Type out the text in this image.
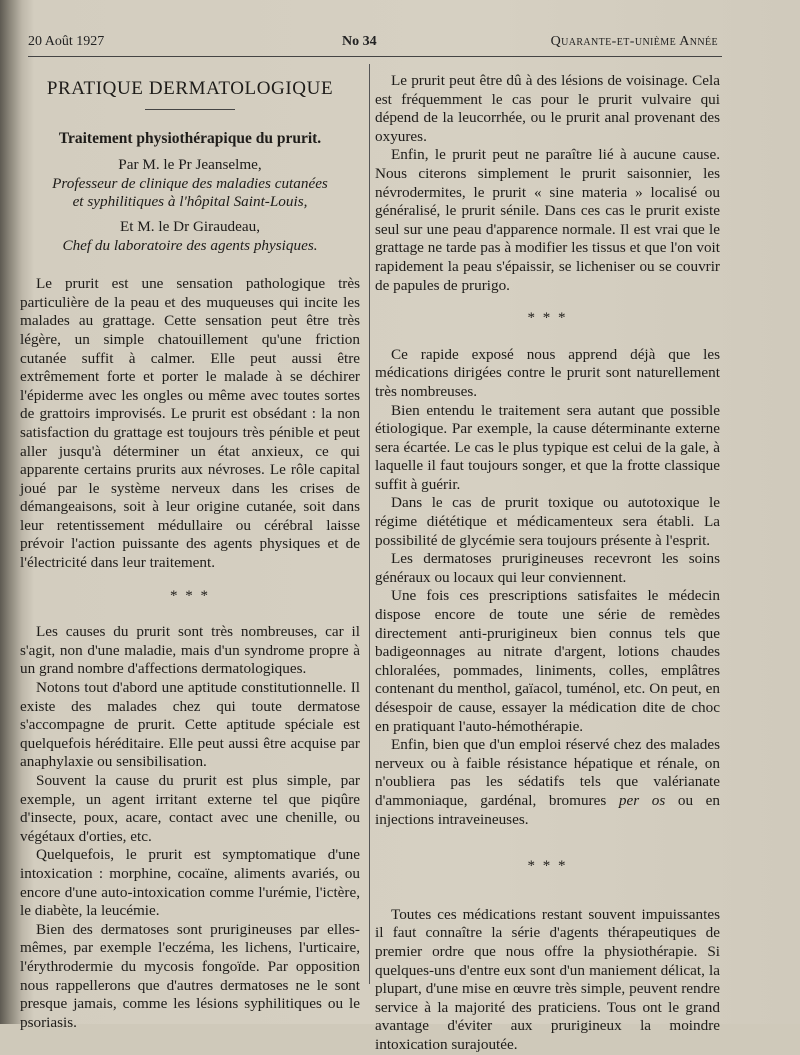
20 Août 1927	No 34	Quarante-et-unième Année

PRATIQUE DERMATOLOGIQUE

Traitement physiothérapique du prurit.

Par M. le Pr Jeanselme,

Professeur de clinique des maladies cutanées

et syphilitiques à l'hôpital Saint-Louis,

Et M. le Dr Giraudeau,

Chef du laboratoire des agents physiques.

Le prurit est une sensation pathologique très particulière de la peau et des muqueuses qui incite les malades au grattage. Cette sensation peut être très légère, un simple chatouillement qu'une friction cutanée suffit à calmer. Elle peut aussi être extrêmement forte et porter le malade à se déchirer l'épiderme avec les ongles ou même avec toutes sortes de grattoirs improvisés. Le prurit est obsédant : la non satisfaction du grattage est toujours très pénible et peut aller jusqu'à déterminer un état anxieux, ce qui apparente certains prurits aux névroses. Le rôle capital joué par le système nerveux dans les crises de démangeaisons, soit à leur origine cutanée, soit dans leur retentissement médullaire ou cérébral laisse prévoir l'action puissante des agents physiques et de l'électricité dans leur traitement.

* * *

Les causes du prurit sont très nombreuses, car il s'agit, non d'une maladie, mais d'un syndrome propre à un grand nombre d'affections dermatologiques.

Notons tout d'abord une aptitude constitutionnelle. Il existe des malades chez qui toute dermatose s'accompagne de prurit. Cette aptitude spéciale est quelquefois héréditaire. Elle peut aussi être acquise par anaphylaxie ou sensibilisation.

Souvent la cause du prurit est plus simple, par exemple, un agent irritant externe tel que piqûre d'insecte, poux, acare, contact avec une chenille, ou végétaux d'orties, etc.

Quelquefois, le prurit est symptomatique d'une intoxication : morphine, cocaïne, aliments avariés, ou encore d'une auto-intoxication comme l'urémie, l'ictère, le diabète, la leucémie.

Bien des dermatoses sont prurigineuses par elles-mêmes, par exemple l'eczéma, les lichens, l'urticaire, l'érythrodermie du mycosis fongoïde. Par opposition nous rappellerons que d'autres dermatoses ne le sont presque jamais, comme les lésions syphilitiques ou le psoriasis.

Le prurit peut être dû à des lésions de voisinage. Cela est fréquemment le cas pour le prurit vulvaire qui dépend de la leucorrhée, ou le prurit anal provenant des oxyures.

Enfin, le prurit peut ne paraître lié à aucune cause. Nous citerons simplement le prurit saisonnier, les névrodermites, le prurit « sine materia » localisé ou généralisé, le prurit sénile. Dans ces cas le prurit existe seul sur une peau d'apparence normale. Il est vrai que le grattage ne tarde pas à modifier les tissus et que l'on voit rapidement la peau s'épaissir, se licheniser ou se couvrir de papules de prurigo.

* * *

Ce rapide exposé nous apprend déjà que les médications dirigées contre le prurit sont naturellement très nombreuses.

Bien entendu le traitement sera autant que possible étiologique. Par exemple, la cause déterminante externe sera écartée. Le cas le plus typique est celui de la gale, à laquelle il faut toujours songer, et que la frotte classique suffit à guérir.

Dans le cas de prurit toxique ou autotoxique le régime diététique et médicamenteux sera établi. La possibilité de glycémie sera toujours présente à l'esprit.

Les dermatoses prurigineuses recevront les soins généraux ou locaux qui leur conviennent.

Une fois ces prescriptions satisfaites le médecin dispose encore de toute une série de remèdes directement anti-prurigineux bien connus tels que badigeonnages au nitrate d'argent, lotions chaudes chloralées, pommades, liniments, colles, emplâtres contenant du menthol, gaïacol, tuménol, etc. On peut, en désespoir de cause, essayer la médication dite de choc en pratiquant l'auto-hémothérapie.

Enfin, bien que d'un emploi réservé chez des malades nerveux ou à faible résistance hépatique et rénale, on n'oubliera pas les sédatifs tels que valérianate d'ammoniaque, gardénal, bromures per os ou en injections intraveineuses.

* * *

Toutes ces médications restant souvent impuissantes il faut connaître la série d'agents thérapeutiques de premier ordre que nous offre la physiothérapie. Si quelques-uns d'entre eux sont d'un maniement délicat, la plupart, d'une mise en œuvre très simple, peuvent rendre service à la majorité des praticiens. Tous ont le grand avantage d'éviter aux prurigineux la moindre intoxication surajoutée.
